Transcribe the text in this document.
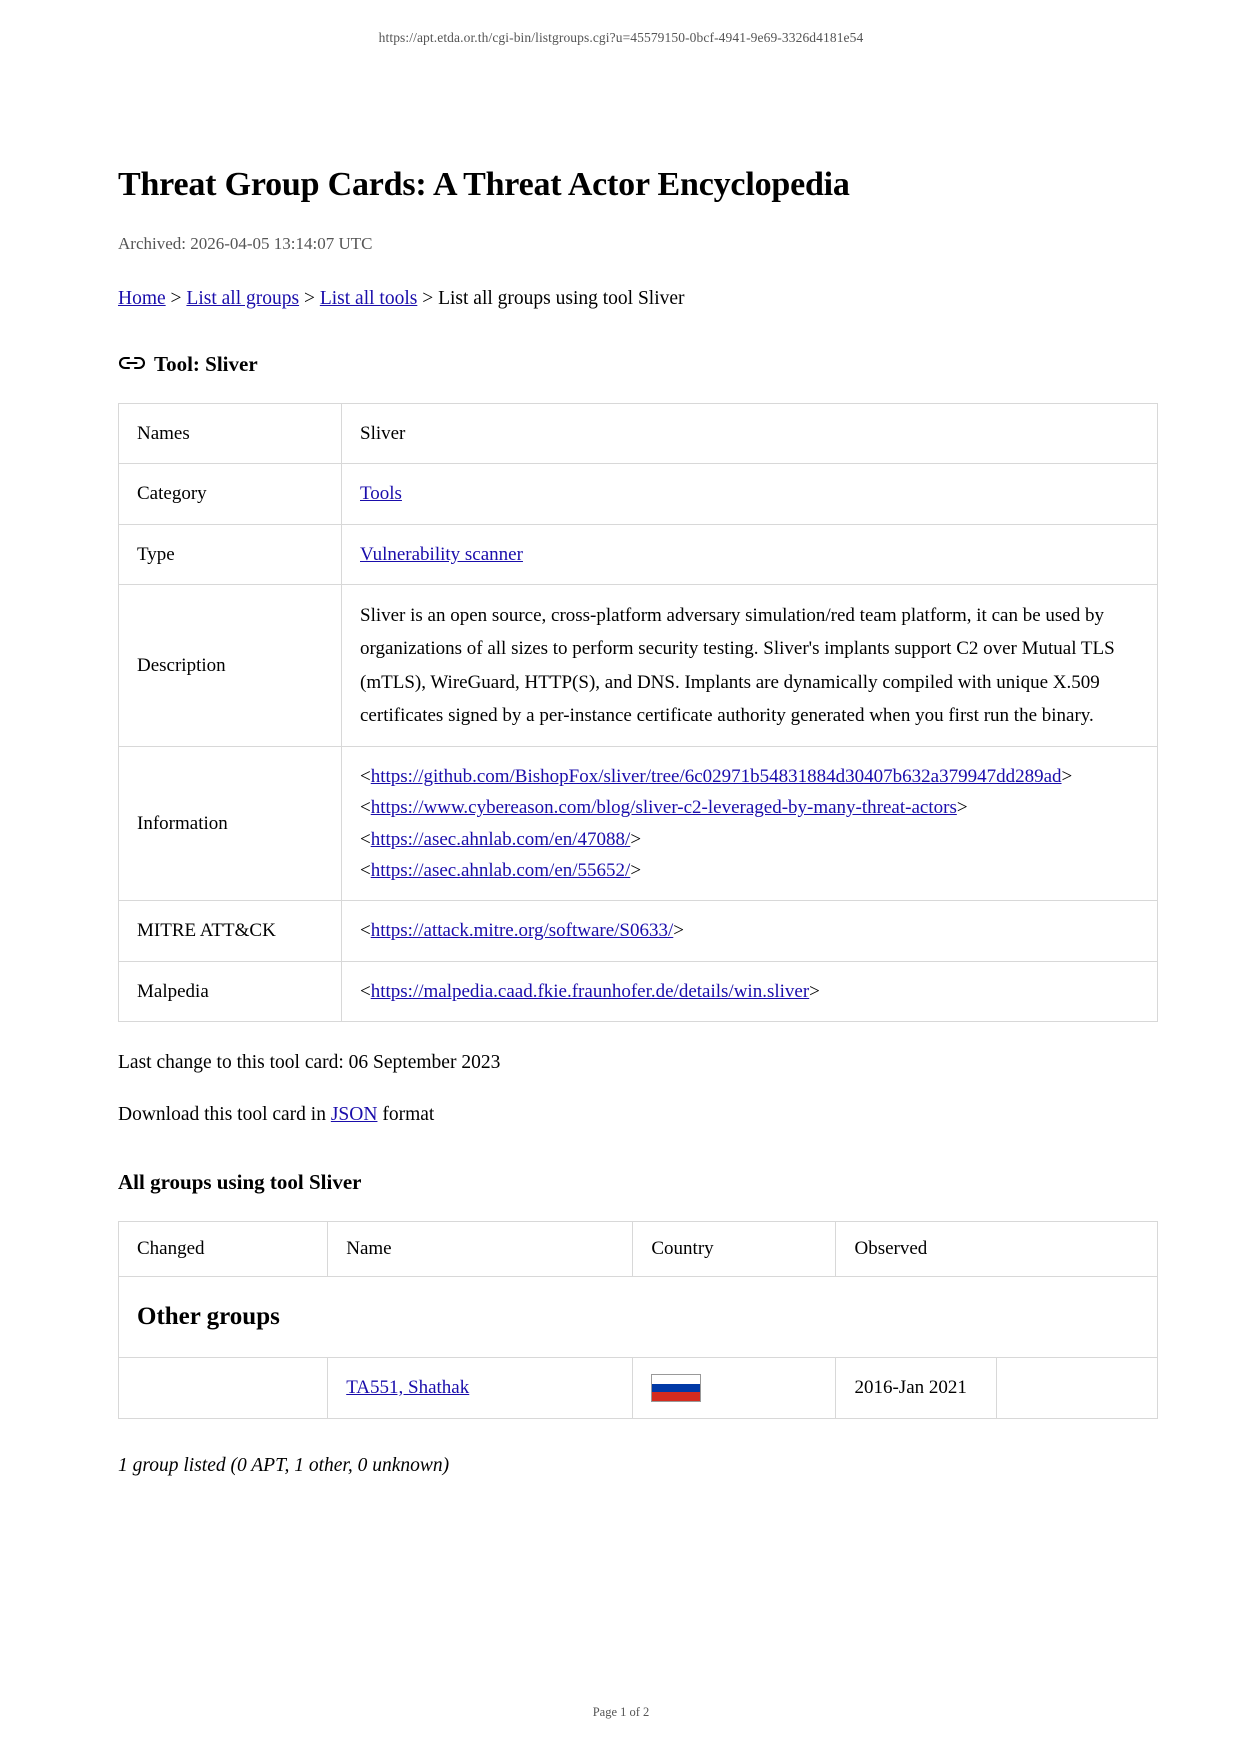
https://apt.etda.or.th/cgi-bin/listgroups.cgi?u=45579150-0bcf-4941-9e69-3326d4181e54
Threat Group Cards: A Threat Actor Encyclopedia
Archived: 2026-04-05 13:14:07 UTC
Home > List all groups > List all tools > List all groups using tool Sliver
Tool: Sliver
Names	Sliver
Category	Tools
Type	Vulnerability scanner
Description	Sliver is an open source, cross-platform adversary simulation/red team platform, it can be used by organizations of all sizes to perform security testing. Sliver's implants support C2 over Mutual TLS (mTLS), WireGuard, HTTP(S), and DNS. Implants are dynamically compiled with unique X.509 certificates signed by a per-instance certificate authority generated when you first run the binary.
Information	<https://github.com/BishopFox/sliver/tree/6c02971b54831884d30407b632a379947dd289ad>
<https://www.cybereason.com/blog/sliver-c2-leveraged-by-many-threat-actors>
<https://asec.ahnlab.com/en/47088/>
<https://asec.ahnlab.com/en/55652/>

MITRE ATT&CK	<https://attack.mitre.org/software/S0633/>
Malpedia	<https://malpedia.caad.fkie.fraunhofer.de/details/win.sliver>
Last change to this tool card: 06 September 2023
Download this tool card in JSON format
All groups using tool Sliver
Changed	Name	Country	Observed	
Other groups				
	TA551, Shathak		2016-Jan 2021	
1 group listed (0 APT, 1 other, 0 unknown)
Page 1 of 2
